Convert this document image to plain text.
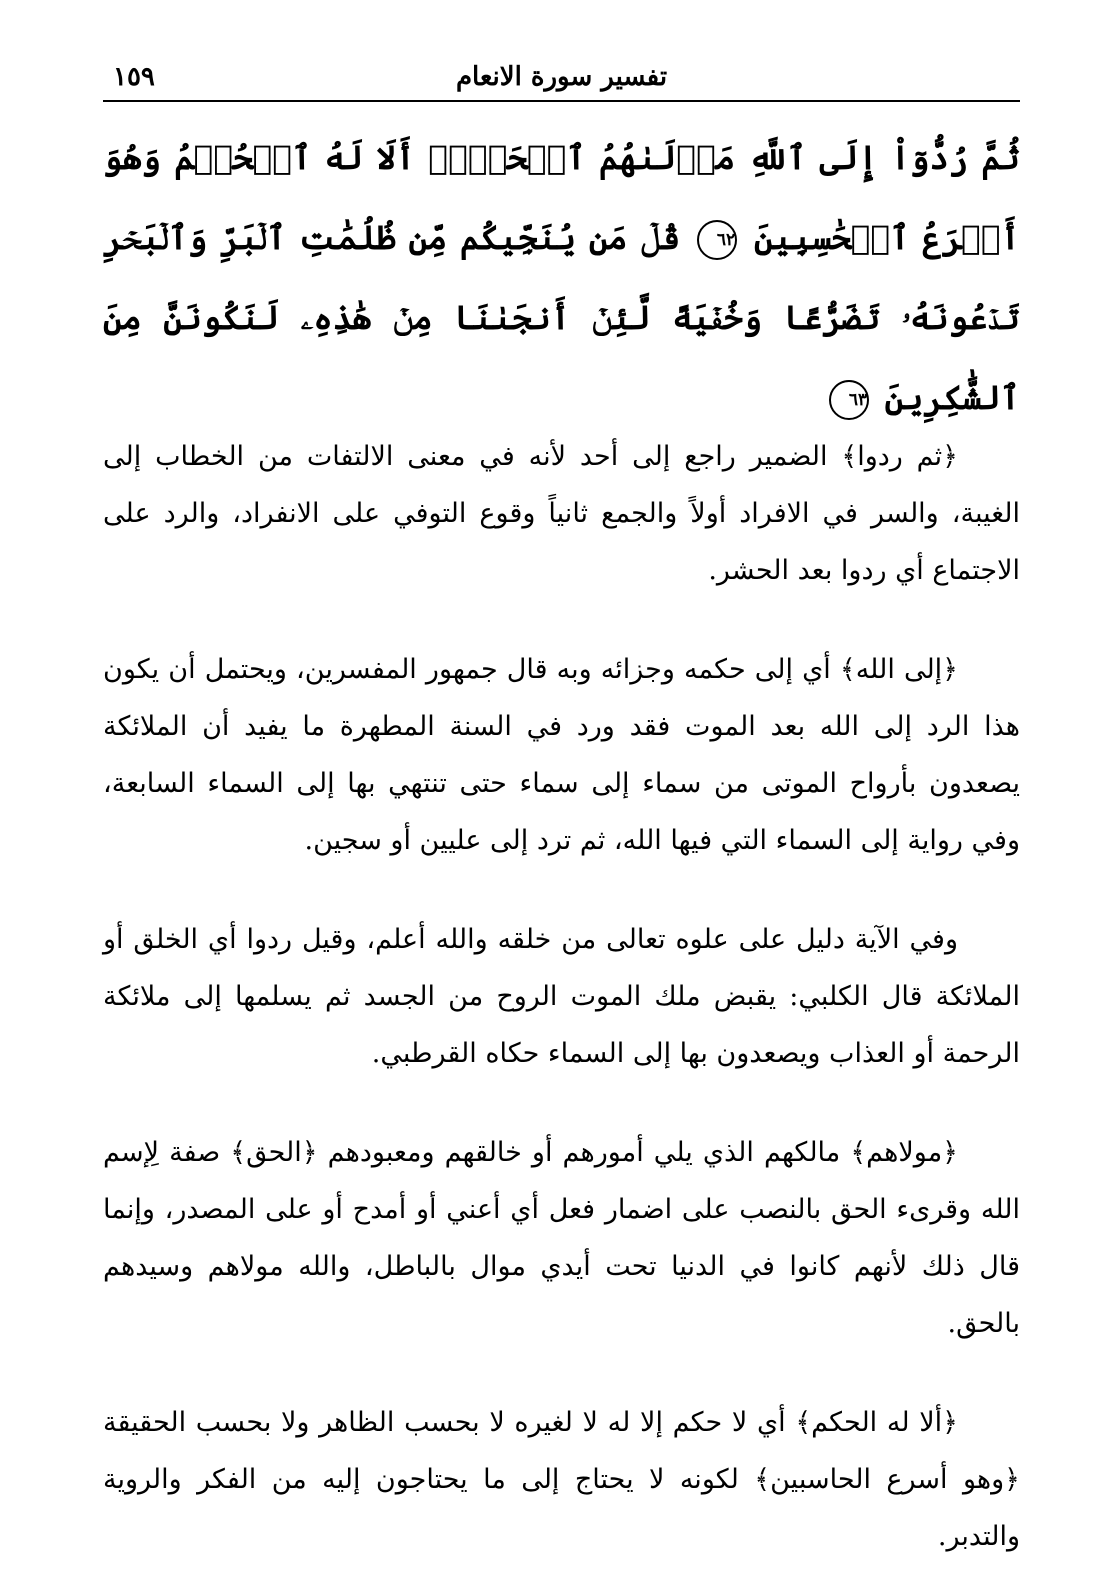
تفسير سورة الانعام
١٥٩
ثُمَّ رُدُّوٓاْ إِلَى ٱللَّهِ مَوۡلَىٰهُمُ ٱلۡحَقِّۚ أَلَا لَهُ ٱلۡحُكۡمُ وَهُوَ أَسۡرَعُ ٱلۡحَٰسِبِينَ ٦٢ قُلۡ مَن يُنَجِّيكُم مِّن ظُلُمَٰتِ ٱلۡبَرِّ وَٱلۡبَحۡرِ تَدۡعُونَهُۥ تَضَرُّعًا وَخُفۡيَةً لَّئِنۡ أَنجَىٰنَا مِنۡ هَٰذِهِۦ لَنَكُونَنَّ مِنَ ٱلشَّٰكِرِينَ ٦٣

﴿ثم ردوا﴾ الضمير راجع إلى أحد لأنه في معنى الالتفات من الخطاب إلى الغيبة، والسر في الافراد أولاً والجمع ثانياً وقوع التوفي على الانفراد، والرد على الاجتماع أي ردوا بعد الحشر.

﴿إلى الله﴾ أي إلى حكمه وجزائه وبه قال جمهور المفسرين، ويحتمل أن يكون هذا الرد إلى الله بعد الموت فقد ورد في السنة المطهرة ما يفيد أن الملائكة يصعدون بأرواح الموتى من سماء إلى سماء حتى تنتهي بها إلى السماء السابعة، وفي رواية إلى السماء التي فيها الله، ثم ترد إلى عليين أو سجين.

وفي الآية دليل على علوه تعالى من خلقه والله أعلم، وقيل ردوا أي الخلق أو الملائكة قال الكلبي: يقبض ملك الموت الروح من الجسد ثم يسلمها إلى ملائكة الرحمة أو العذاب ويصعدون بها إلى السماء حكاه القرطبي.

﴿مولاهم﴾ مالكهم الذي يلي أمورهم أو خالقهم ومعبودهم ﴿الحق﴾ صفة لِإسم الله وقرىء الحق بالنصب على اضمار فعل أي أعني أو أمدح أو على المصدر، وإنما قال ذلك لأنهم كانوا في الدنيا تحت أيدي موال بالباطل، والله مولاهم وسيدهم بالحق.

﴿ألا له الحكم﴾ أي لا حكم إلا له لا لغيره لا بحسب الظاهر ولا بحسب الحقيقة ﴿وهو أسرع الحاسبين﴾ لكونه لا يحتاج إلى ما يحتاجون إليه من الفكر والروية والتدبر.
